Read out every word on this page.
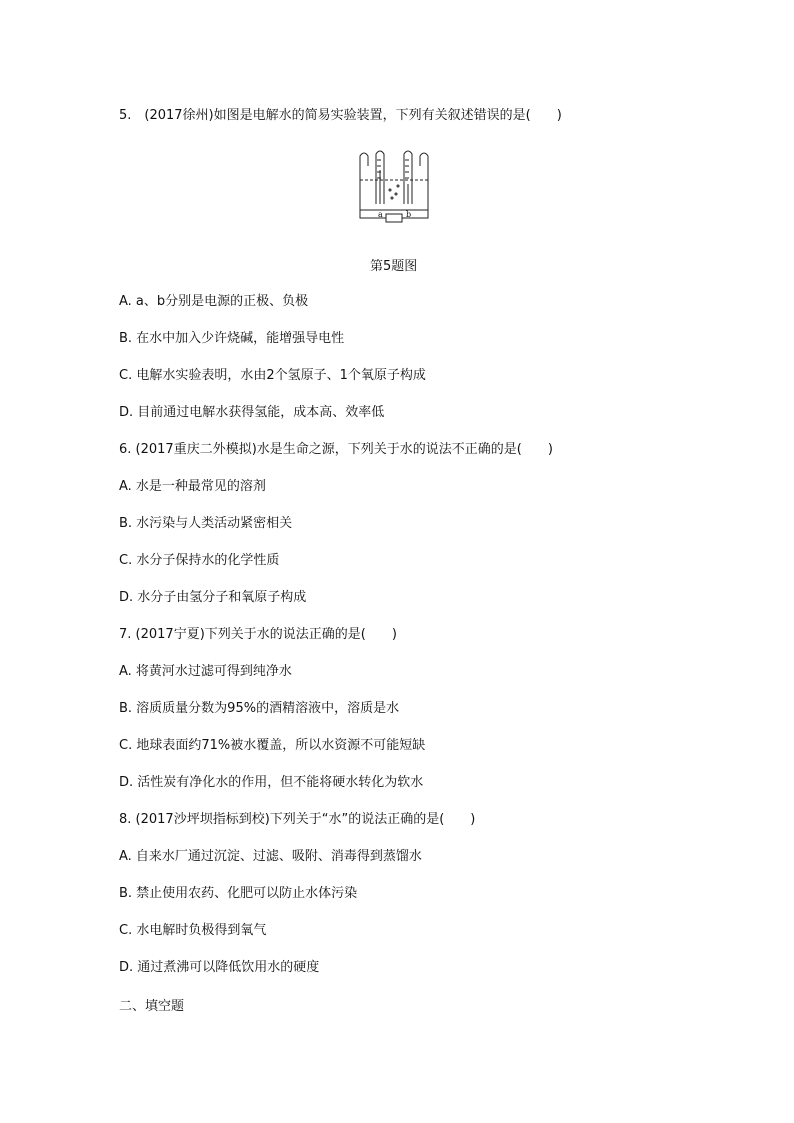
5.　(2017徐州)如图是电解水的简易实验装置，下列有关叙述错误的是(　　)
a	b
第5题图
A. a、b分别是电源的正极、负极
B. 在水中加入少许烧碱，能增强导电性
C. 电解水实验表明，水由2个氢原子、1个氧原子构成
D. 目前通过电解水获得氢能，成本高、效率低
6. (2017重庆二外模拟)水是生命之源，下列关于水的说法不正确的是(　　)
A. 水是一种最常见的溶剂
B. 水污染与人类活动紧密相关
C. 水分子保持水的化学性质
D. 水分子由氢分子和氧原子构成
7. (2017宁夏)下列关于水的说法正确的是(　　)
A. 将黄河水过滤可得到纯净水
B. 溶质质量分数为95%的酒精溶液中，溶质是水
C. 地球表面约71%被水覆盖，所以水资源不可能短缺
D. 活性炭有净化水的作用，但不能将硬水转化为软水
8. (2017沙坪坝指标到校)下列关于“水”的说法正确的是(　　)
A. 自来水厂通过沉淀、过滤、吸附、消毒得到蒸馏水
B. 禁止使用农药、化肥可以防止水体污染
C. 水电解时负极得到氧气
D. 通过煮沸可以降低饮用水的硬度
二、填空题
